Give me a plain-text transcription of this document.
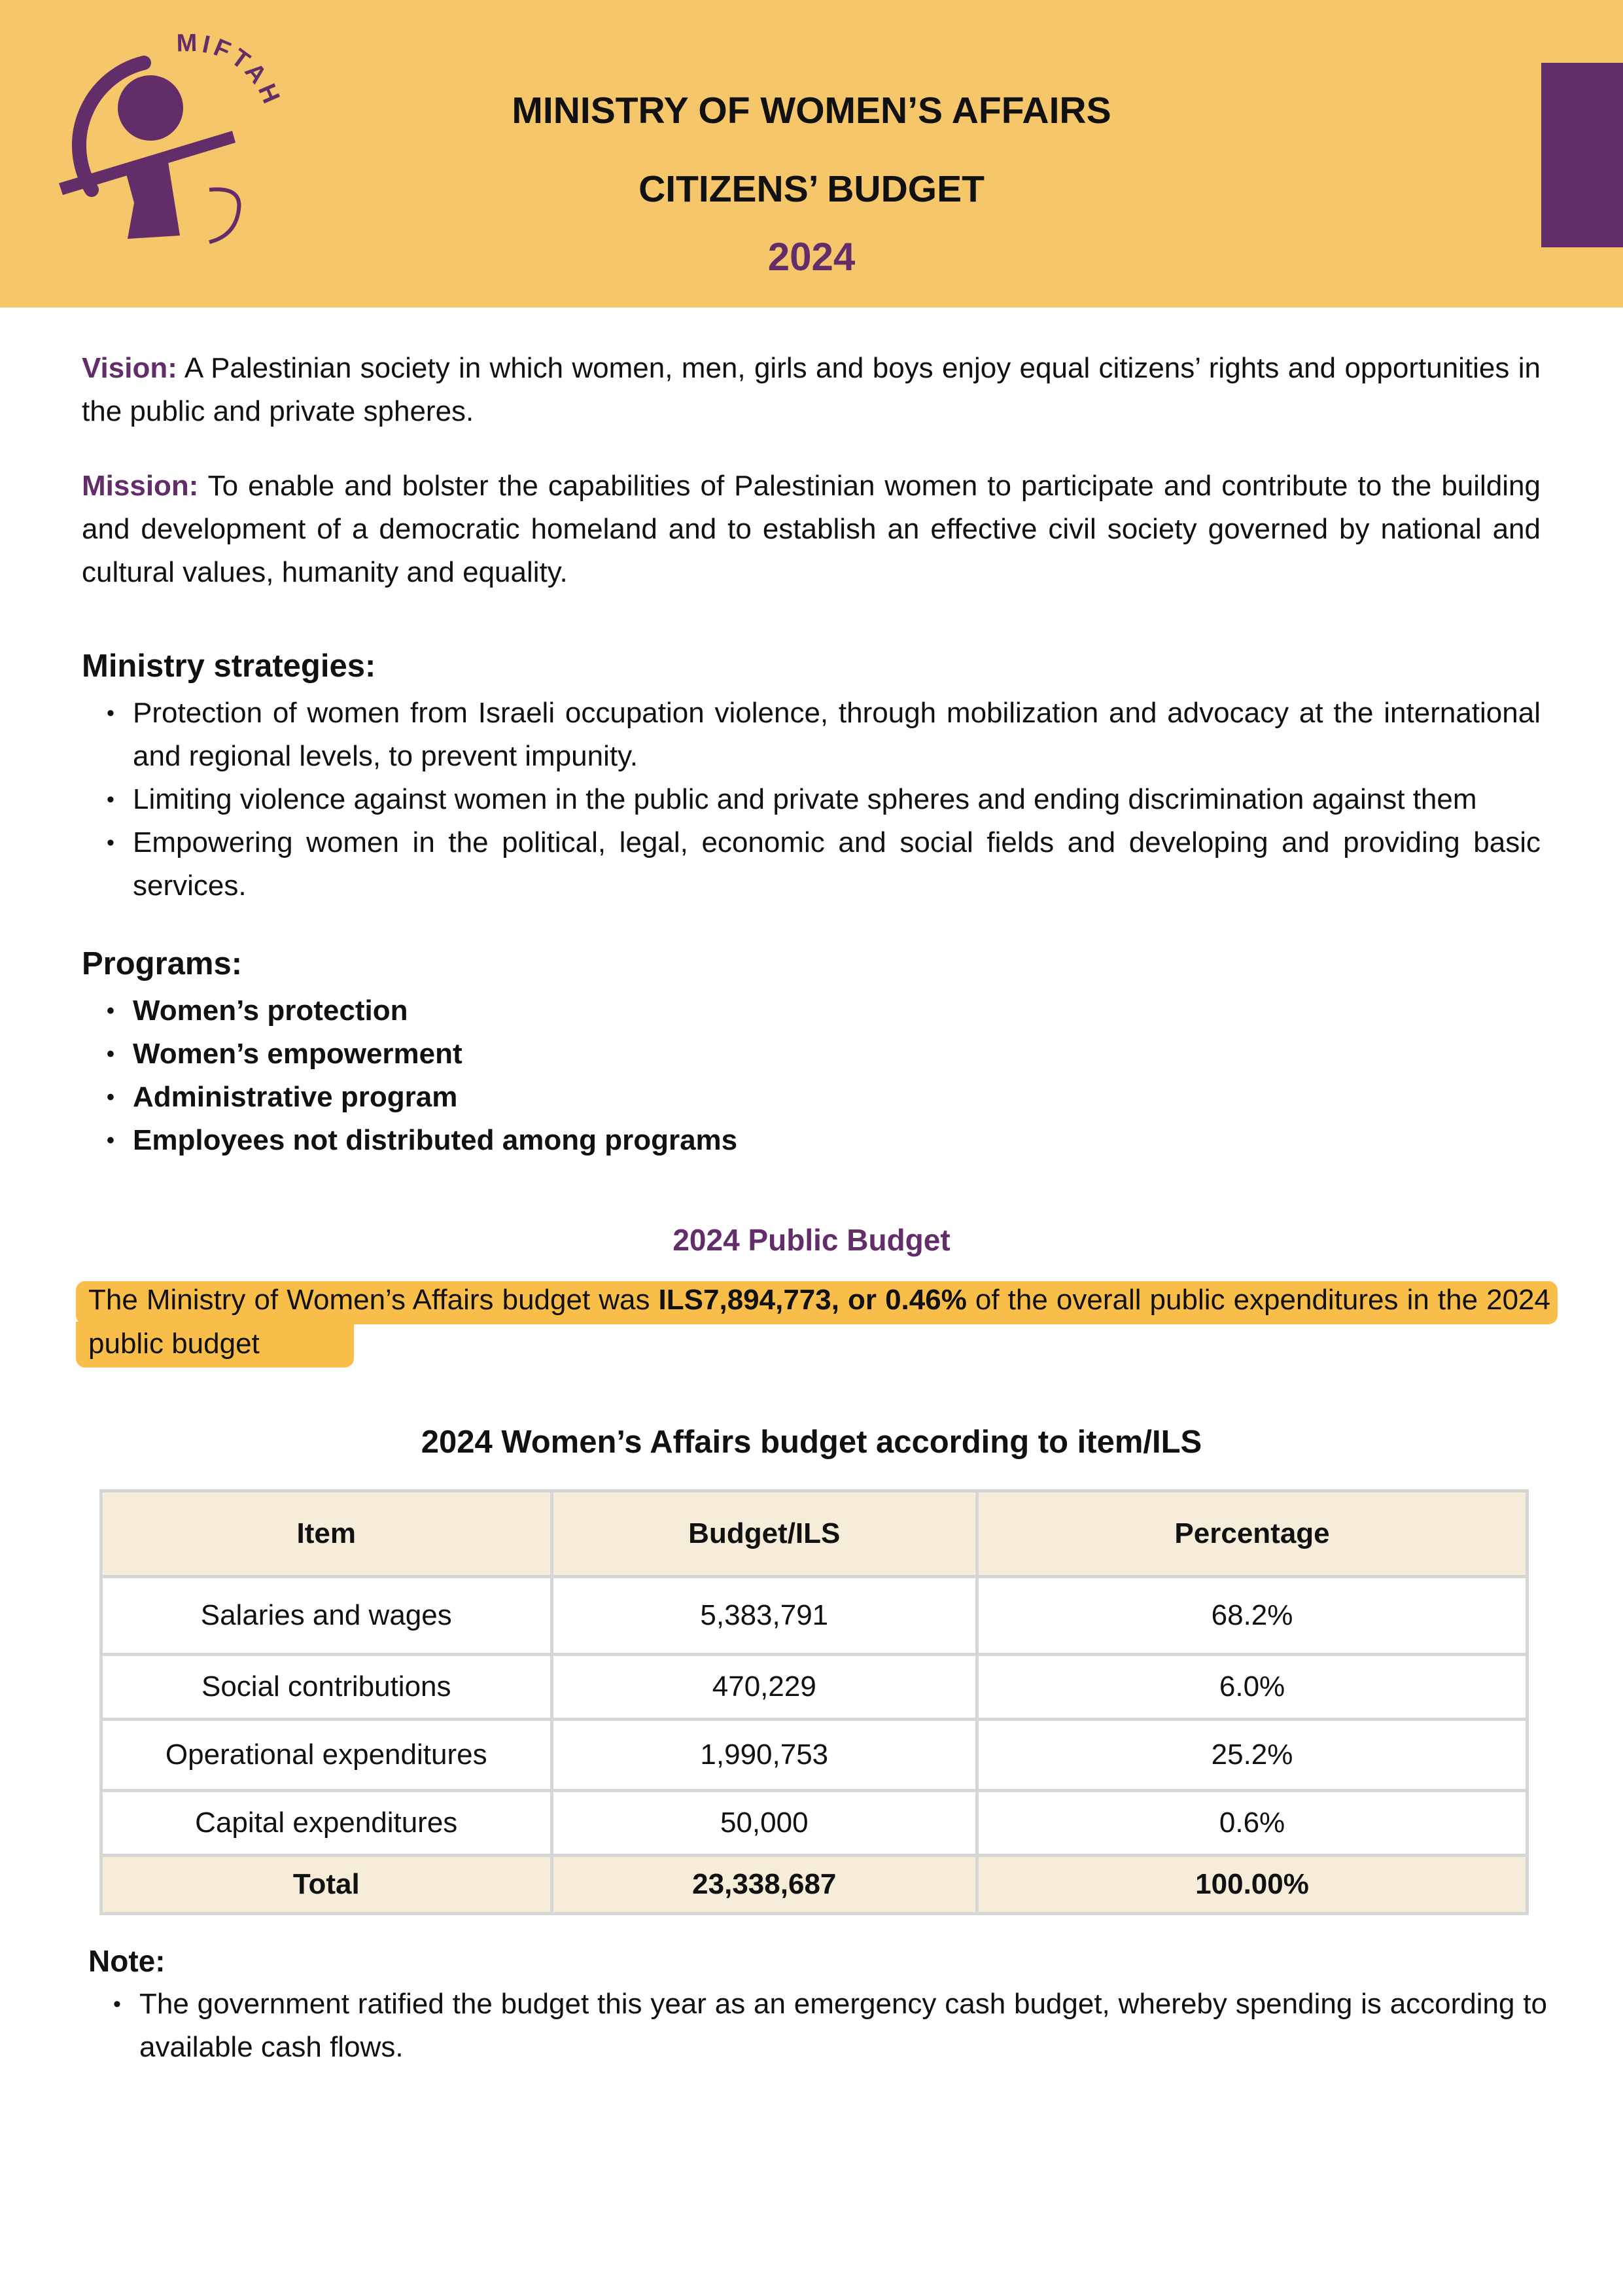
MIFTAH	MINISTRY OF WOMEN’S AFFAIRS
CITIZENS’ BUDGET
2024

Vision: A Palestinian society in which women, men, girls and boys enjoy equal citizens’ rights and opportunities in the public and private spheres.

Mission: To enable and bolster the capabilities of Palestinian women to participate and contribute to the building and development of a democratic homeland and to establish an effective civil society governed by national and cultural values, humanity and equality.

Ministry strategies:
• Protection of women from Israeli occupation violence, through mobilization and advocacy at the international and regional levels, to prevent impunity.
• Limiting violence against women in the public and private spheres and ending discrimination against them
• Empowering women in the political, legal, economic and social fields and developing and providing basic services.
Programs:
• Women’s protection
• Women’s empowerment
• Administrative program
• Employees not distributed among programs
2024 Public Budget
The Ministry of Women’s Affairs budget was ILS7,894,773, or 0.46% of the overall public expenditures in the 2024 public budget
2024 Women’s Affairs budget according to item/ILS
Item	Budget/ILS	Percentage
Salaries and wages	5,383,791	68.2%
Social contributions	470,229	6.0%
Operational expenditures	1,990,753	25.2%
Capital expenditures	50,000	0.6%
Total	23,338,687	100.00%
Note:
• The government ratified the budget this year as an emergency cash budget, whereby spending is according to available cash flows.
